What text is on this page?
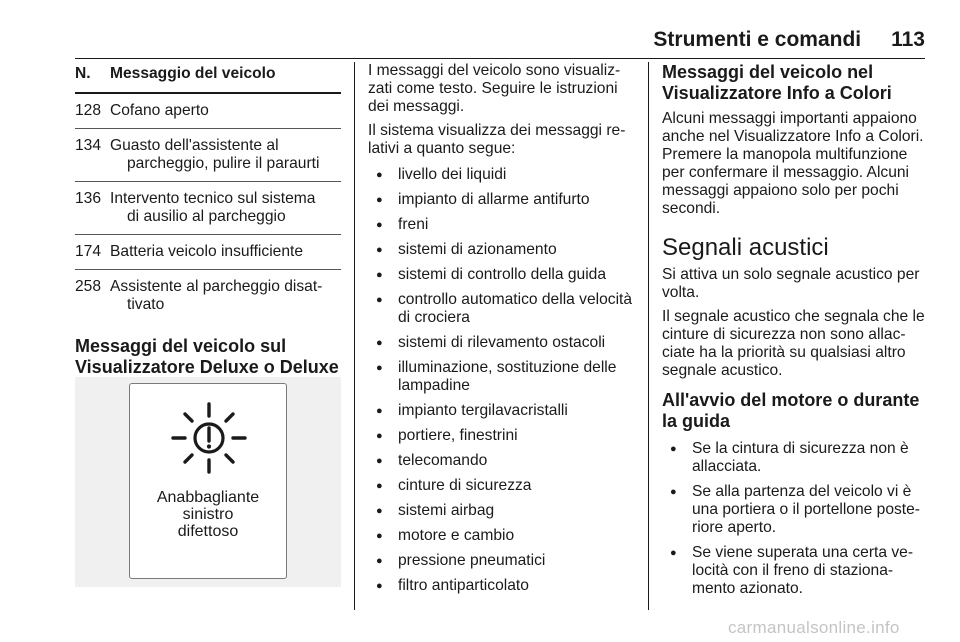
Strumenti e comandi 113
N.	Messaggio del veicolo
128 Cofano aperto
134 Guasto dell'assistente al
parcheggio, pulire il paraurti
136 Intervento tecnico sul sistema
di ausilio al parcheggio
174 Batteria veicolo insufficiente
258 Assistente al parcheggio disat-
tivato
Messaggi del veicolo sul Visualizzatore Deluxe o Deluxe
Anabbagliante
sinistro
difettoso

I messaggi del veicolo sono visualizzati come testo. Seguire le istruzioni dei messaggi.

Il sistema visualizza dei messaggi relativi a quanto segue:

● livello dei liquidi
● impianto di allarme antifurto
● freni
● sistemi di azionamento
● sistemi di controllo della guida
● controllo automatico della velocità di crociera
● sistemi di rilevamento ostacoli
● illuminazione, sostituzione delle lampadine
● impianto tergilavacristalli
● portiere, finestrini
● telecomando
● cinture di sicurezza
● sistemi airbag
● motore e cambio
● pressione pneumatici
● filtro antiparticolato
Messaggi del veicolo nel Visualizzatore Info a Colori

Alcuni messaggi importanti appaiono anche nel Visualizzatore Info a Colori. Premere la manopola multifunzione per confermare il messaggio. Alcuni messaggi appaiono solo per pochi secondi.

Segnali acustici

Si attiva un solo segnale acustico per volta.

Il segnale acustico che segnala che le cinture di sicurezza non sono allacciate ha la priorità su qualsiasi altro segnale acustico.

All'avvio del motore o durante la guida
● Se la cintura di sicurezza non è allacciata.
● Se alla partenza del veicolo vi è una portiera o il portellone posteriore aperto.
● Se viene superata una certa velocità con il freno di stazionamento azionato.
carmanualsonline.info
